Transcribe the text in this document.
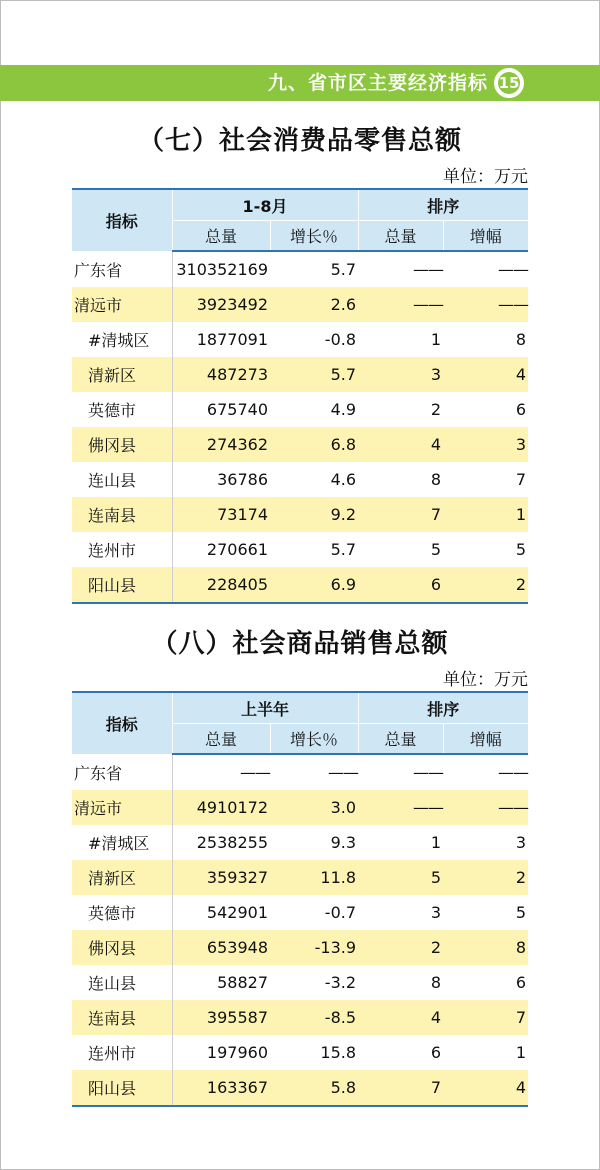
九、省市区主要经济指标 15
（七）社会消费品零售总额
单位：万元
指标	1-8月		排序	
	总量	增长％	总量	增幅
广东省	310352169	5.7	——	——
清远市	3923492	2.6	——	——
#清城区	1877091	-0.8	1	8
清新区	487273	5.7	3	4
英德市	675740	4.9	2	6
佛冈县	274362	6.8	4	3
连山县	36786	4.6	8	7
连南县	73174	9.2	7	1
连州市	270661	5.7	5	5
阳山县	228405	6.9	6	2
（八）社会商品销售总额
单位：万元
指标	上半年		排序	
	总量	增长％	总量	增幅
广东省	——	——	——	——
清远市	4910172	3.0	——	——
#清城区	2538255	9.3	1	3
清新区	359327	11.8	5	2
英德市	542901	-0.7	3	5
佛冈县	653948	-13.9	2	8
连山县	58827	-3.2	8	6
连南县	395587	-8.5	4	7
连州市	197960	15.8	6	1
阳山县	163367	5.8	7	4
